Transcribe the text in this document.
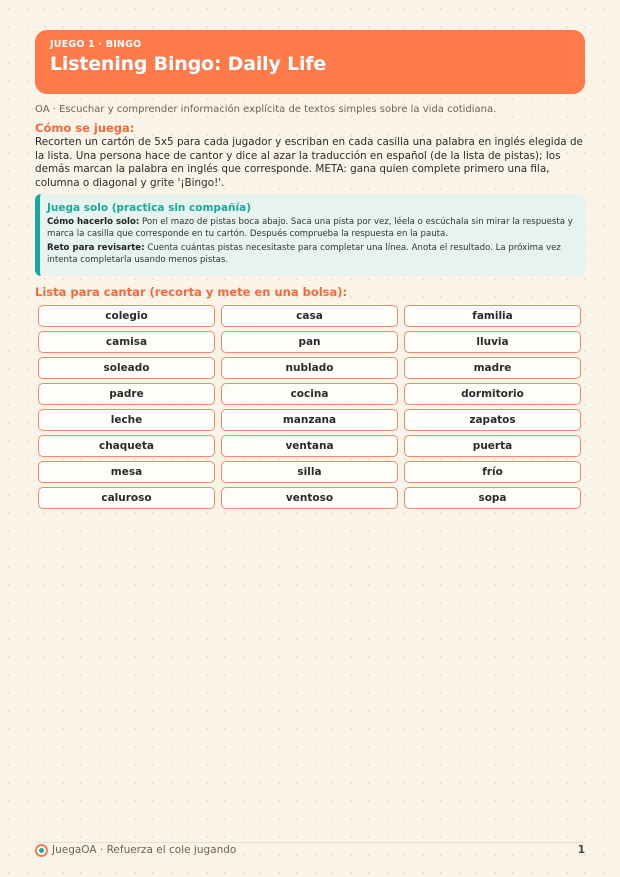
JUEGO 1 · BINGO
Listening Bingo: Daily Life
OA · Escuchar y comprender información explícita de textos simples sobre la vida cotidiana.
Cómo se juega:
Recorten un cartón de 5x5 para cada jugador y escriban en cada casilla una palabra en inglés elegida de la lista. Una persona hace de cantor y dice al azar la traducción en español (de la lista de pistas); los demás marcan la palabra en inglés que corresponde. META: gana quien complete primero una fila, columna o diagonal y grite '¡Bingo!'.
Juega solo (practica sin compañía)
Cómo hacerlo solo: Pon el mazo de pistas boca abajo. Saca una pista por vez, léela o escúchala sin mirar la respuesta y marca la casilla que corresponde en tu cartón. Después comprueba la respuesta en la pauta.
Reto para revisarte: Cuenta cuántas pistas necesitaste para completar una línea. Anota el resultado. La próxima vez intenta completarla usando menos pistas.
Lista para cantar (recorta y mete en una bolsa):
colegio	casa	familia
camisa	pan	lluvia
soleado	nublado	madre
padre	cocina	dormitorio
leche	manzana	zapatos
chaqueta	ventana	puerta
mesa	silla	frío
caluroso	ventoso	sopa
JuegaOA · Refuerza el cole jugando	1
